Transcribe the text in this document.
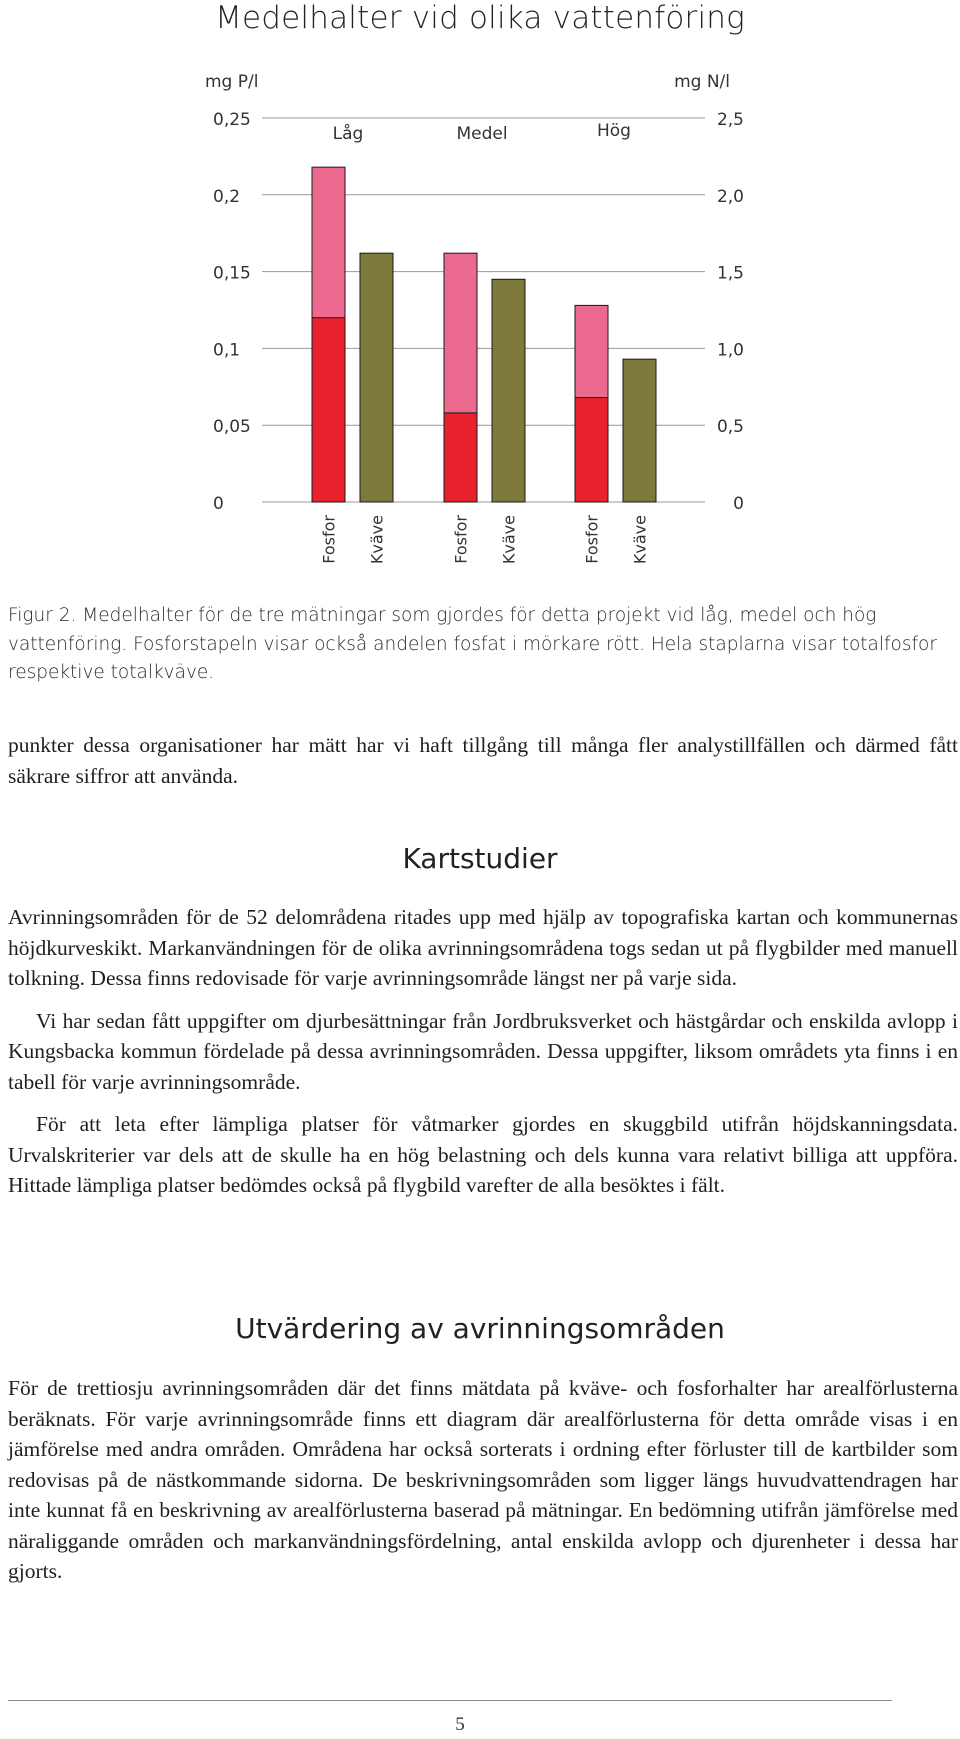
Medelhalter vid olika vattenföring
mg P/l	mg N/l
0,25	2,5
0,2	2,0
0,15	1,5
0,1	1,0
0,05	0,5
0	0
Låg
Fosfor Kväve
Medel
Fosfor Kväve
Hög
Fosfor Kväve
Figur 2. Medelhalter för de tre mätningar som gjordes för detta projekt vid låg, medel och hög vattenföring. Fosforstapeln visar också andelen fosfat i mörkare rött. Hela staplarna visar totalfosfor respektive totalkväve.

punkter dessa organisationer har mätt har vi haft tillgång till många fler analystillfällen och därmed fått säkrare siffror att använda.

Kartstudier

Avrinningsområden för de 52 delområdena ritades upp med hjälp av topografiska kartan och kommunernas höjdkurveskikt. Markanvändningen för de olika avrinningsområdena togs sedan ut på flygbilder med manuell tolkning. Dessa finns redovisade för varje avrinningsområde längst ner på varje sida.

Vi har sedan fått uppgifter om djurbesättningar från Jordbruksverket och hästgårdar och enskilda avlopp i Kungsbacka kommun fördelade på dessa avrinningsområden. Dessa uppgifter, liksom områdets yta finns i en tabell för varje avrinningsområde.

För att leta efter lämpliga platser för våtmarker gjordes en skuggbild utifrån höjdskanningsdata. Urvalskriterier var dels att de skulle ha en hög belastning och dels kunna vara relativt billiga att uppföra. Hittade lämpliga platser bedömdes också på flygbild varefter de alla besöktes i fält.

Utvärdering av avrinningsområden

För de trettiosju avrinningsområden där det finns mätdata på kväve- och fosforhalter har arealförlusterna beräknats. För varje avrinningsområde finns ett diagram där arealförlusterna för detta område visas i en jämförelse med andra områden. Områdena har också sorterats i ordning efter förluster till de kartbilder som redovisas på de nästkommande sidorna. De beskrivningsområden som ligger längs huvudvattendragen har inte kunnat få en beskrivning av arealförlusterna baserad på mätningar. En bedömning utifrån jämförelse med näraliggande områden och markanvändningsfördelning, antal enskilda avlopp och djurenheter i dessa har gjorts.

5
